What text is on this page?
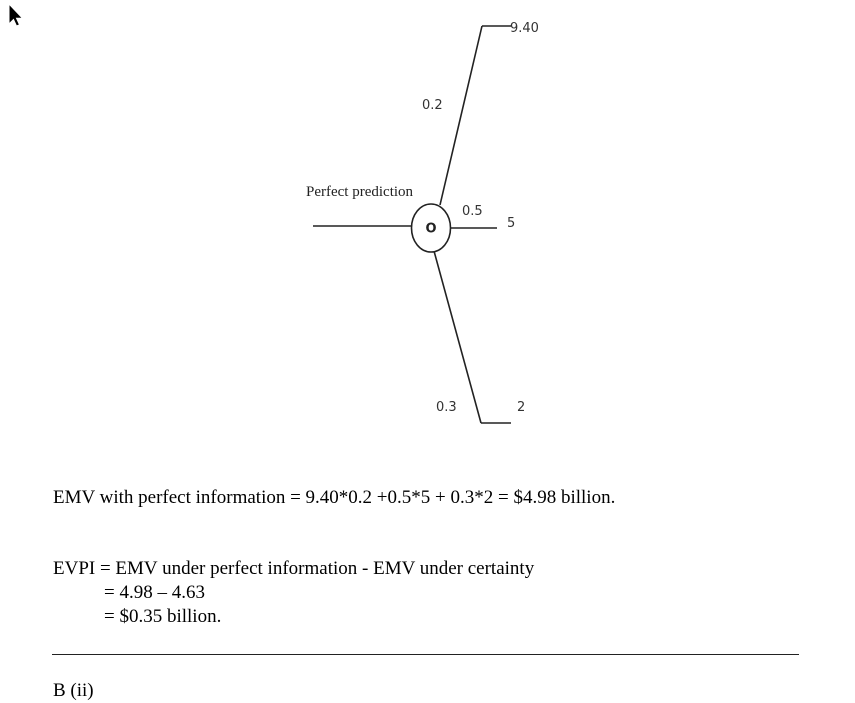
Perfect prediction
0.2
9.40
0.5
5
0.3	2
O
EMV with perfect information = 9.40*0.2 +0.5*5 + 0.3*2 = $4.98 billion.
EVPI = EMV under perfect information - EMV under certainty
= 4.98 – 4.63
= $0.35 billion.
B (ii)
